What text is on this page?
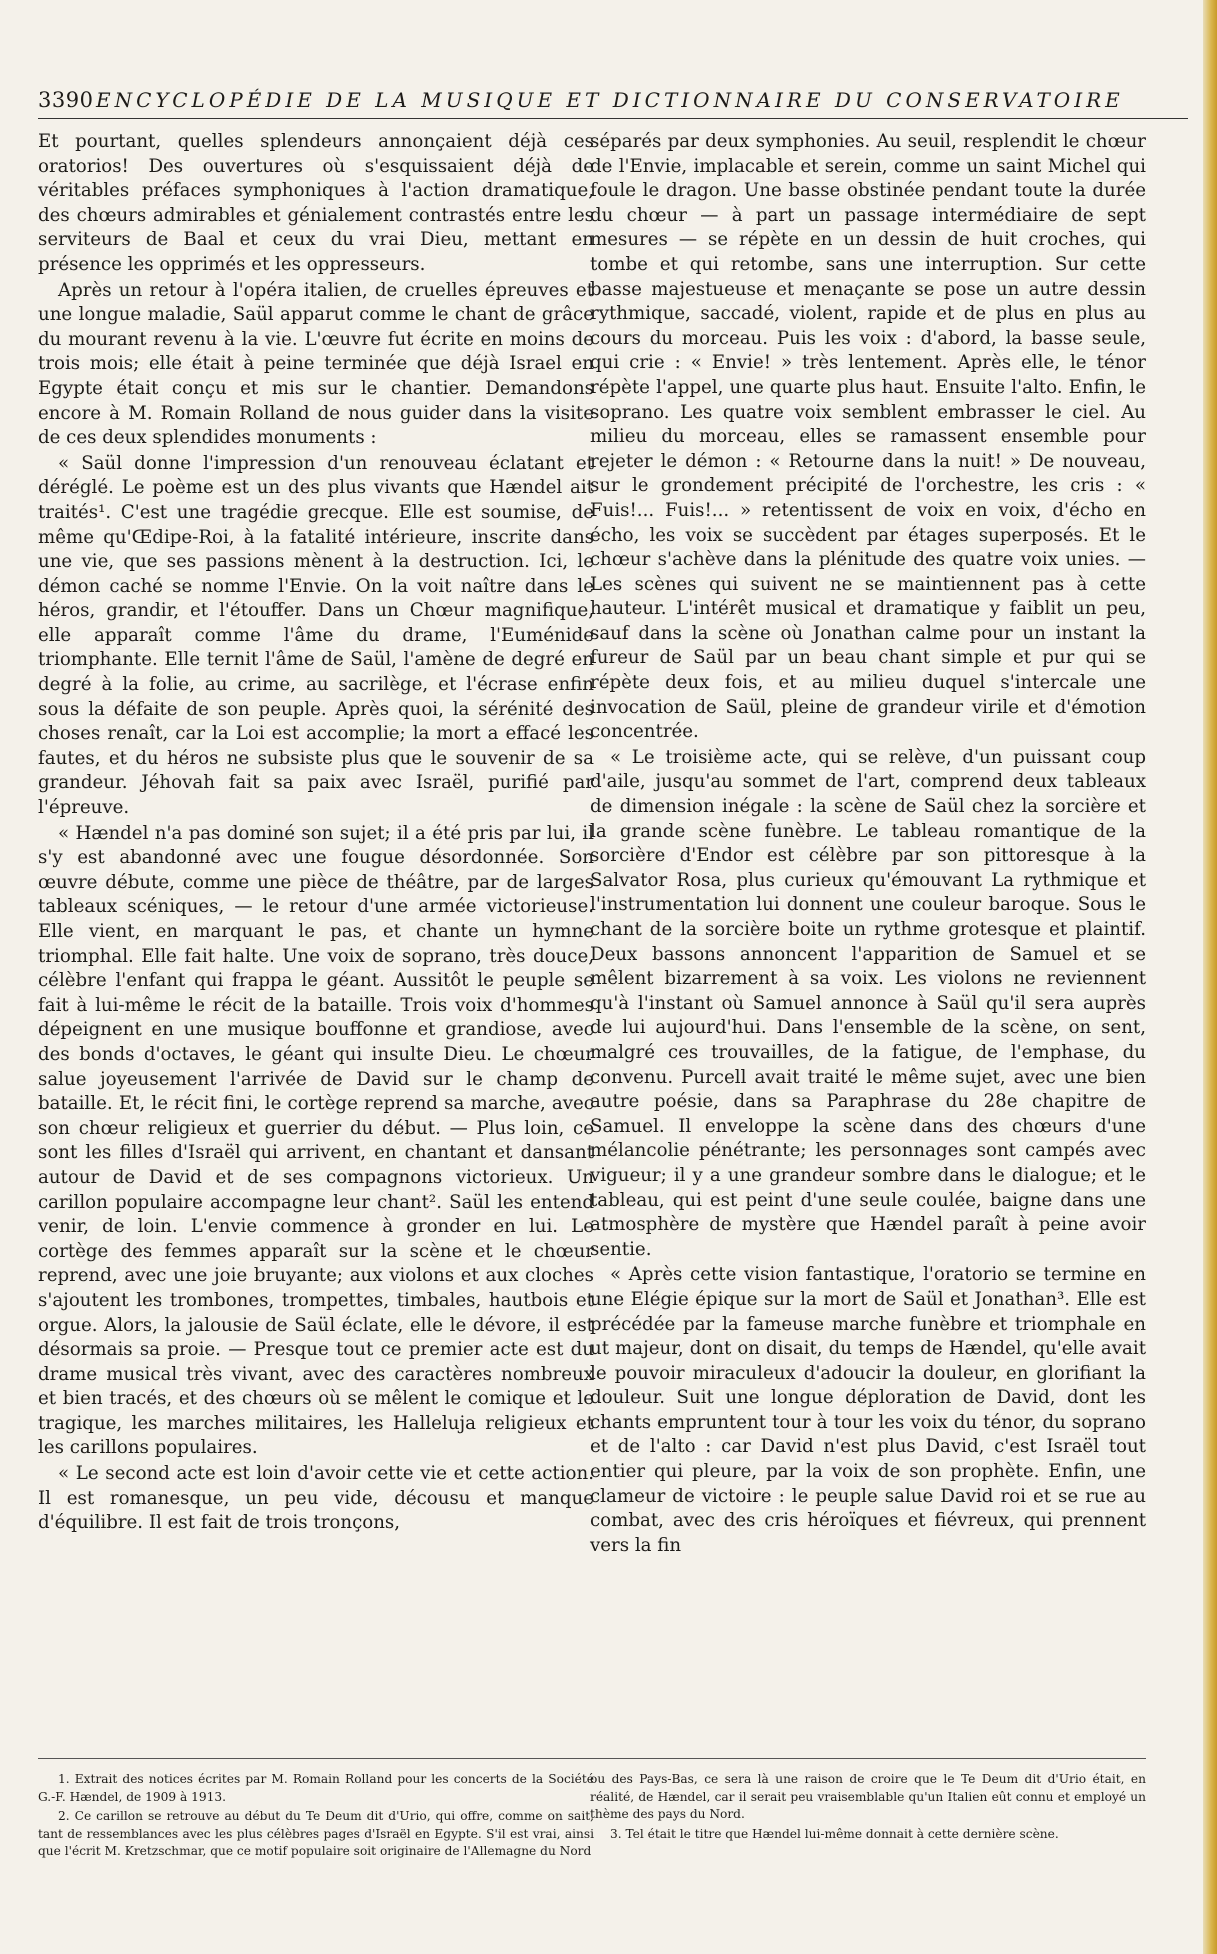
3390 ENCYCLOPÉDIE DE LA MUSIQUE ET DICTIONNAIRE DU CONSERVATOIRE

Et pourtant, quelles splendeurs annonçaient déjà ces oratorios! Des ouvertures où s'esquissaient déjà de véritables préfaces symphoniques à l'action dramatique, des chœurs admirables et génialement contrastés entre les serviteurs de Baal et ceux du vrai Dieu, mettant en présence les opprimés et les oppresseurs.

Après un retour à l'opéra italien, de cruelles épreuves et une longue maladie, Saül apparut comme le chant de grâce du mourant revenu à la vie. L'œuvre fut écrite en moins de trois mois; elle était à peine terminée que déjà Israel en Egypte était conçu et mis sur le chantier. Demandons encore à M. Romain Rolland de nous guider dans la visite de ces deux splendides monuments :

« Saül donne l'impression d'un renouveau éclatant et déréglé. Le poème est un des plus vivants que Hændel ait traités¹. C'est une tragédie grecque. Elle est soumise, de même qu'Œdipe-Roi, à la fatalité intérieure, inscrite dans une vie, que ses passions mènent à la destruction. Ici, le démon caché se nomme l'Envie. On la voit naître dans le héros, grandir, et l'étouffer. Dans un Chœur magnifique, elle apparaît comme l'âme du drame, l'Euménide triomphante. Elle ternit l'âme de Saül, l'amène de degré en degré à la folie, au crime, au sacrilège, et l'écrase enfin sous la défaite de son peuple. Après quoi, la sérénité des choses renaît, car la Loi est accomplie; la mort a effacé les fautes, et du héros ne subsiste plus que le souvenir de sa grandeur. Jéhovah fait sa paix avec Israël, purifié par l'épreuve.

« Hændel n'a pas dominé son sujet; il a été pris par lui, il s'y est abandonné avec une fougue désordonnée. Son œuvre débute, comme une pièce de théâtre, par de larges tableaux scéniques, — le retour d'une armée victorieuse. Elle vient, en marquant le pas, et chante un hymne triomphal. Elle fait halte. Une voix de soprano, très douce, célèbre l'enfant qui frappa le géant. Aussitôt le peuple se fait à lui-même le récit de la bataille. Trois voix d'hommes dépeignent en une musique bouffonne et grandiose, avec des bonds d'octaves, le géant qui insulte Dieu. Le chœur salue joyeusement l'arrivée de David sur le champ de bataille. Et, le récit fini, le cortège reprend sa marche, avec son chœur religieux et guerrier du début. — Plus loin, ce sont les filles d'Israël qui arrivent, en chantant et dansant autour de David et de ses compagnons victorieux. Un carillon populaire accompagne leur chant². Saül les entend venir, de loin. L'envie commence à gronder en lui. Le cortège des femmes apparaît sur la scène et le chœur reprend, avec une joie bruyante; aux violons et aux cloches s'ajoutent les trombones, trompettes, timbales, hautbois et orgue. Alors, la jalousie de Saül éclate, elle le dévore, il est désormais sa proie. — Presque tout ce premier acte est du drame musical très vivant, avec des caractères nombreux et bien tracés, et des chœurs où se mêlent le comique et le tragique, les marches militaires, les Halleluja religieux et les carillons populaires.

« Le second acte est loin d'avoir cette vie et cette action. Il est romanesque, un peu vide, décousu et manque d'équilibre. Il est fait de trois tronçons,

séparés par deux symphonies. Au seuil, resplendit le chœur de l'Envie, implacable et serein, comme un saint Michel qui foule le dragon. Une basse obstinée pendant toute la durée du chœur — à part un passage intermédiaire de sept mesures — se répète en un dessin de huit croches, qui tombe et qui retombe, sans une interruption. Sur cette basse majestueuse et menaçante se pose un autre dessin rythmique, saccadé, violent, rapide et de plus en plus au cours du morceau. Puis les voix : d'abord, la basse seule, qui crie : « Envie! » très lentement. Après elle, le ténor répète l'appel, une quarte plus haut. Ensuite l'alto. Enfin, le soprano. Les quatre voix semblent embrasser le ciel. Au milieu du morceau, elles se ramassent ensemble pour rejeter le démon : « Retourne dans la nuit! » De nouveau, sur le grondement précipité de l'orchestre, les cris : « Fuis!... Fuis!... » retentissent de voix en voix, d'écho en écho, les voix se succèdent par étages superposés. Et le chœur s'achève dans la plénitude des quatre voix unies. — Les scènes qui suivent ne se maintiennent pas à cette hauteur. L'intérêt musical et dramatique y faiblit un peu, sauf dans la scène où Jonathan calme pour un instant la fureur de Saül par un beau chant simple et pur qui se répète deux fois, et au milieu duquel s'intercale une invocation de Saül, pleine de grandeur virile et d'émotion concentrée.

« Le troisième acte, qui se relève, d'un puissant coup d'aile, jusqu'au sommet de l'art, comprend deux tableaux de dimension inégale : la scène de Saül chez la sorcière et la grande scène funèbre. Le tableau romantique de la sorcière d'Endor est célèbre par son pittoresque à la Salvator Rosa, plus curieux qu'émouvant La rythmique et l'instrumentation lui donnent une couleur baroque. Sous le chant de la sorcière boite un rythme grotesque et plaintif. Deux bassons annoncent l'apparition de Samuel et se mêlent bizarrement à sa voix. Les violons ne reviennent qu'à l'instant où Samuel annonce à Saül qu'il sera auprès de lui aujourd'hui. Dans l'ensemble de la scène, on sent, malgré ces trouvailles, de la fatigue, de l'emphase, du convenu. Purcell avait traité le même sujet, avec une bien autre poésie, dans sa Paraphrase du 28e chapitre de Samuel. Il enveloppe la scène dans des chœurs d'une mélancolie pénétrante; les personnages sont campés avec vigueur; il y a une grandeur sombre dans le dialogue; et le tableau, qui est peint d'une seule coulée, baigne dans une atmosphère de mystère que Hændel paraît à peine avoir sentie.

« Après cette vision fantastique, l'oratorio se termine en une Elégie épique sur la mort de Saül et Jonathan³. Elle est précédée par la fameuse marche funèbre et triomphale en ut majeur, dont on disait, du temps de Hændel, qu'elle avait le pouvoir miraculeux d'adoucir la douleur, en glorifiant la douleur. Suit une longue déploration de David, dont les chants empruntent tour à tour les voix du ténor, du soprano et de l'alto : car David n'est plus David, c'est Israël tout entier qui pleure, par la voix de son prophète. Enfin, une clameur de victoire : le peuple salue David roi et se rue au combat, avec des cris héroïques et fiévreux, qui prennent vers la fin

1. Extrait des notices écrites par M. Romain Rolland pour les concerts de la Société G.-F. Hændel, de 1909 à 1913.

2. Ce carillon se retrouve au début du Te Deum dit d'Urio, qui offre, comme on sait, tant de ressemblances avec les plus célèbres pages d'Israël en Egypte. S'il est vrai, ainsi que l'écrit M. Kretzschmar, que ce motif populaire soit originaire de l'Allemagne du Nord

ou des Pays-Bas, ce sera là une raison de croire que le Te Deum dit d'Urio était, en réalité, de Hændel, car il serait peu vraisemblable qu'un Italien eût connu et employé un thème des pays du Nord.

3. Tel était le titre que Hændel lui-même donnait à cette dernière scène.
